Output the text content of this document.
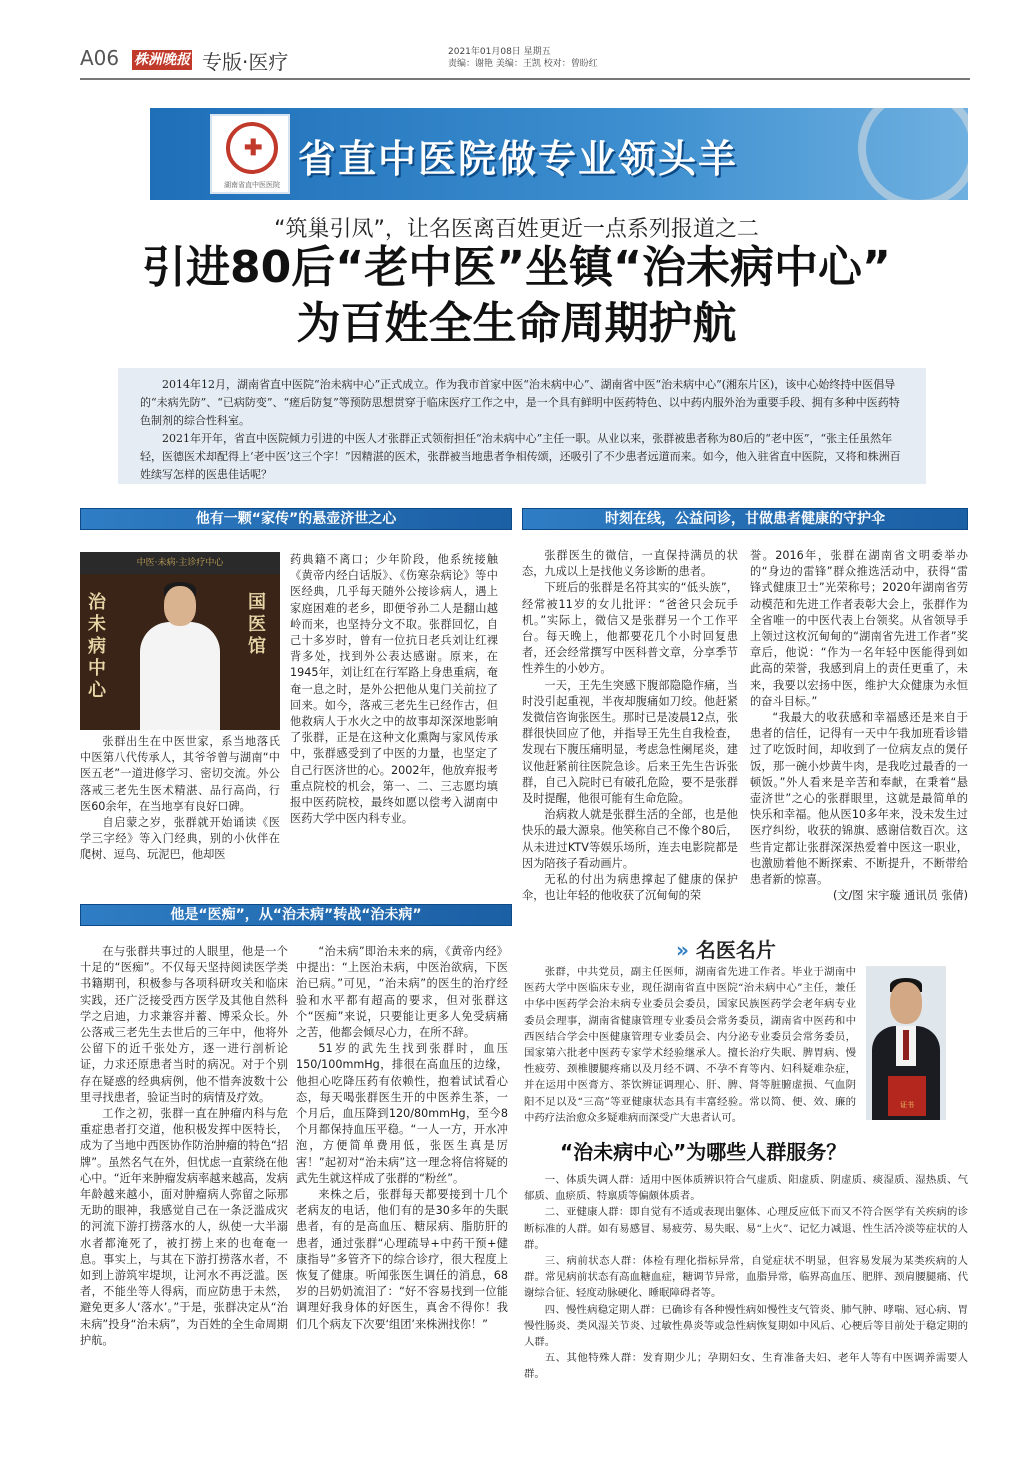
A06 株洲晚报 专版·医疗	2021年01月08日 星期五
责编：谢艳 美编：王凯 校对：曾盼红
✚
湖南省直中医医院
省直中医院做专业领头羊
“筑巢引凤”，让名医离百姓更近一点系列报道之二
引进80后“老中医”坐镇“治未病中心”
为百姓全生命周期护航

2014年12月，湖南省直中医院“治未病中心”正式成立。作为我市首家中医“治未病中心”、湖南省中医“治未病中心”(湘东片区)，该中心始终持中医倡导的“未病先防”、“已病防变”、“瘥后防复”等预防思想贯穿于临床医疗工作之中，是一个具有鲜明中医药特色、以中药内服外治为重要手段、拥有多种中医药特色制剂的综合性科室。

2021年开年，省直中医院倾力引进的中医人才张群正式领衔担任“治未病中心”主任一职。从业以来，张群被患者称为80后的“老中医”，“张主任虽然年轻，医德医术却配得上‘老中医’这三个字！”因精湛的医术，张群被当地患者争相传颂，还吸引了不少患者远道而来。如今，他入驻省直中医院，又将和株洲百姓续写怎样的医患佳话呢？

他有一颗“家传”的悬壶济世之心
中医·未病·主诊疗中心
治未病中心
国医馆

张群出生在中医世家，系当地落氏中医第八代传承人，其爷爷曾与湖南“中医五老”一道进修学习、密切交流。外公落戒三老先生医术精湛、品行高尚，行医60余年，在当地享有良好口碑。

自启蒙之岁，张群就开始诵读《医学三字经》等入门经典，别的小伙伴在爬树、逗鸟、玩泥巴，他却医

药典籍不离口；少年阶段，他系统接触《黄帝内经白话版》、《伤寒杂病论》等中医经典，几乎每天随外公接诊病人，遇上家庭困难的老乡，即便爷孙二人是翻山越岭而来，也坚持分文不取。张群回忆，自己十多岁时，曾有一位抗日老兵刘让红裸背多处，找到外公表达感谢。原来，在1945年，刘让红在行军路上身患重病，奄奄一息之时，是外公把他从鬼门关前拉了回来。如今，落戒三老先生已经作古，但他救病人于水火之中的故事却深深地影响了张群，正是在这种文化熏陶与家风传承中，张群感受到了中医的力量，也坚定了自己行医济世的心。2002年，他放弃报考重点院校的机会，第一、二、三志愿均填报中医药院校，最终如愿以偿考入湖南中医药大学中医内科专业。

时刻在线，公益问诊，甘做患者健康的守护伞

张群医生的微信，一直保持满员的状态，九成以上是找他义务诊断的患者。

下班后的张群是名符其实的“低头族”，经常被11岁的女儿批评：“爸爸只会玩手机。”实际上，微信又是张群另一个工作平台。每天晚上，他都要花几个小时回复患者，还会经常撰写中医科普文章，分享季节性养生的小妙方。

一天，王先生突感下腹部隐隐作痛，当时没引起重视，半夜却腹痛如刀绞。他赶紧发微信咨询张医生。那时已是凌晨12点，张群很快回应了他，并指导王先生自我检查，发现右下腹压痛明显，考虑急性阑尾炎，建议他赶紧前往医院急诊。后来王先生告诉张群，自己入院时已有破孔危险，要不是张群及时提醒，他很可能有生命危险。

治病救人就是张群生活的全部，也是他快乐的最大源泉。他笑称自己不像个80后，从未进过KTV等娱乐场所，连去电影院都是因为陪孩子看动画片。

无私的付出为病患撑起了健康的保护伞，也让年轻的他收获了沉甸甸的荣

誉。2016年，张群在湖南省文明委举办的“身边的雷锋”群众推选活动中，获得“雷锋式健康卫士”光荣称号；2020年湖南省劳动模范和先进工作者表彰大会上，张群作为全省唯一的中医代表上台领奖。从省领导手上领过这枚沉甸甸的“湖南省先进工作者”奖章后，他说：“作为一名年轻中医能得到如此高的荣誉，我感到肩上的责任更重了，未来，我要以宏扬中医，维护大众健康为永恒的奋斗目标。”

“我最大的收获感和幸福感还是来自于患者的信任，记得有一天中午我加班看诊错过了吃饭时间，却收到了一位病友点的煲仔饭，那一碗小炒黄牛肉，是我吃过最香的一顿饭。”外人看来是辛苦和奉献，在秉着“悬壶济世”之心的张群眼里，这就是最简单的快乐和幸福。他从医10多年来，没未发生过医疗纠纷，收获的锦旗、感谢信数百次。这些肯定都让张群深深热爱着中医这一职业，也激励着他不断探索、不断提升，不断带给患者新的惊喜。

(文/图 宋宇璇 通讯员 张倩)

他是“医痴”，从“治未病”转战“治未病”

在与张群共事过的人眼里，他是一个十足的“医痴”。不仅每天坚持阅读医学类书籍期刊，积极参与各项科研攻关和临床实践，还广泛接受西方医学及其他自然科学之启迪，力求兼容并蓄、博采众长。外公落戒三老先生去世后的三年中，他将外公留下的近千张处方，逐一进行剖析论证，力求还原患者当时的病况。对于个别存在疑惑的经典病例，他不惜奔波数十公里寻找患者，验证当时的病情及疗效。

工作之初，张群一直在肿瘤内科与危重症患者打交道，他积极发挥中医特长，成为了当地中西医协作防治肿瘤的特色“招牌”。虽然名气在外，但忧虑一直萦绕在他心中。“近年来肿瘤发病率越来越高，发病年龄越来越小，面对肿瘤病人弥留之际那无助的眼神，我感觉自己在一条泛滥成灾的河流下游打捞落水的人，纵使一大半溺水者都淹死了，被打捞上来的也奄奄一息。事实上，与其在下游打捞落水者，不如到上游筑牢堤坝，让河水不再泛滥。医者，不能坐等人得病，而应防患于未然，避免更多人‘落水’。”于是，张群决定从“治未病”投身“治未病”，为百姓的全生命周期护航。

“治未病”即治未来的病，《黄帝内经》中提出：“上医治未病，中医治欲病，下医治已病。”可见，“治未病”的医生的治疗经验和水平都有超高的要求，但对张群这个“医痴”来说，只要能让更多人免受病痛之苦，他都会倾尽心力，在所不辞。

51岁的武先生找到张群时，血压150/100mmHg，排很在高血压的边缘，他担心吃降压药有依赖性，抱着试试看心态，每天喝张群医生开的中医养生茶，一个月后，血压降到120/80mmHg，至今8个月都保持血压平稳。“一人一方，开水冲泡，方便简单费用低，张医生真是厉害！”起初对“治未病”这一理念将信将疑的武先生就这样成了张群的“粉丝”。

来株之后，张群每天都要接到十几个老病友的电话，他们有的是30多年的失眠患者，有的是高血压、糖尿病、脂肪肝的患者，通过张群“心理疏导+中药干预+健康指导”多管齐下的综合诊疗，很大程度上恢复了健康。听闻张医生调任的消息，68岁的吕奶奶流泪了：“好不容易找到一位能调理好我身体的好医生，真舍不得你！我们几个病友下次要‘组团’来株洲找你！”

» 名医名片

张群，中共党员，副主任医师，湖南省先进工作者。毕业于湖南中医药大学中医临床专业，现任湖南省直中医院“治未病中心”主任，兼任中华中医药学会治未病专业委员会委员，国家民族医药学会老年病专业委员会理事，湖南省健康管理专业委员会常务委员，湖南省中医药和中西医结合学会中医健康管理专业委员会、内分泌专业委员会常务委员，国家第六批老中医药专家学术经验继承人。擅长治疗失眠、脾胃病、慢性疲劳、颈椎腰腿疼痛以及月经不调、不孕不育等内、妇科疑难杂症，并在运用中医膏方、茶饮辨证调理心、肝、脾、肾等脏腑虚损、气血阴阳不足以及“三高”等亚健康状态具有丰富经验。常以简、便、效、廉的中药疗法治愈众多疑难病而深受广大患者认可。

证书
“治未病中心”为哪些人群服务？

一、体质失调人群：适用中医体质辨识符合气虚质、阳虚质、阴虚质、痰湿质、湿热质、气郁质、血瘀质、特禀质等偏颇体质者。

二、亚健康人群：即自觉有不适或表现出躯体、心理反应低下而又不符合医学有关疾病的诊断标准的人群。如有易感冒、易疲劳、易失眠、易“上火”、记忆力减退、性生活冷淡等症状的人群。

三、病前状态人群：体检有理化指标异常，自觉症状不明显，但容易发展为某类疾病的人群。常见病前状态有高血糖血症，糖调节异常，血脂异常，临界高血压、肥胖、颈肩腰腿痛、代谢综合征、轻度动脉硬化、睡眠障碍者等。

四、慢性病稳定期人群：已确诊有各种慢性病如慢性支气管炎、肺气肿、哮喘、冠心病、胃慢性肠炎、类风湿关节炎、过敏性鼻炎等或急性病恢复期如中风后、心梗后等目前处于稳定期的人群。

五、其他特殊人群：发育期少儿；孕期妇女、生育准备夫妇、老年人等有中医调养需要人群。
